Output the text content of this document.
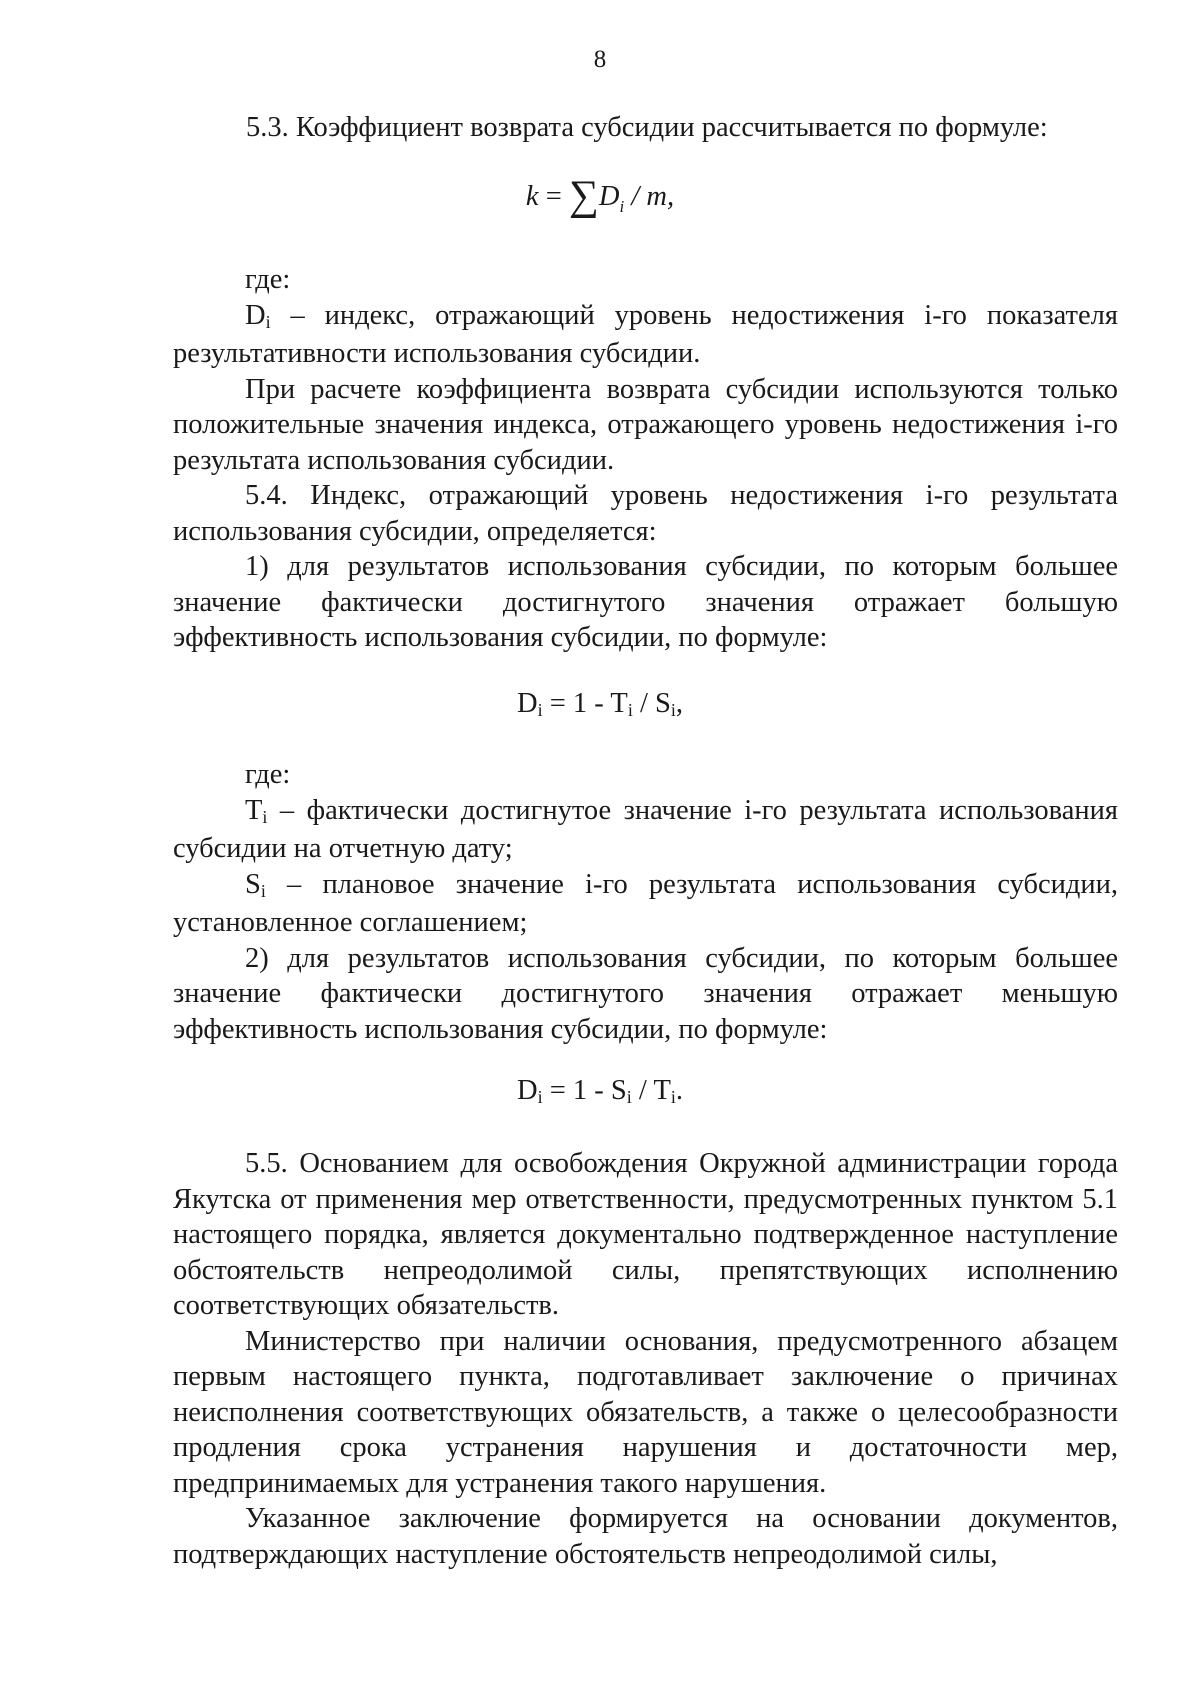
8

5.3. Коэффициент возврата субсидии рассчитывается по формуле:

$k = \sum D_i / m$,

где:

Di – индекс, отражающий уровень недостижения i-го показателя результативности использования субсидии.

При расчете коэффициента возврата субсидии используются только положительные значения индекса, отражающего уровень недостижения i-го результата использования субсидии.

5.4. Индекс, отражающий уровень недостижения i-го результата использования субсидии, определяется:

1) для результатов использования субсидии, по которым большее значение фактически достигнутого значения отражает большую эффективность использования субсидии, по формуле:

Di = 1 - Ti / Si,

где:

Ti – фактически достигнутое значение i-го результата использования субсидии на отчетную дату;

Si – плановое значение i-го результата использования субсидии, установленное соглашением;

2) для результатов использования субсидии, по которым большее значение фактически достигнутого значения отражает меньшую эффективность использования субсидии, по формуле:

Di = 1 - Si / Ti.

5.5. Основанием для освобождения Окружной администрации города Якутска от применения мер ответственности, предусмотренных пунктом 5.1 настоящего порядка, является документально подтвержденное наступление обстоятельств непреодолимой силы, препятствующих исполнению соответствующих обязательств.

Министерство при наличии основания, предусмотренного абзацем первым настоящего пункта, подготавливает заключение о причинах неисполнения соответствующих обязательств, а также о целесообразности продления срока устранения нарушения и достаточности мер, предпринимаемых для устранения такого нарушения.

Указанное заключение формируется на основании документов, подтверждающих наступление обстоятельств непреодолимой силы,
